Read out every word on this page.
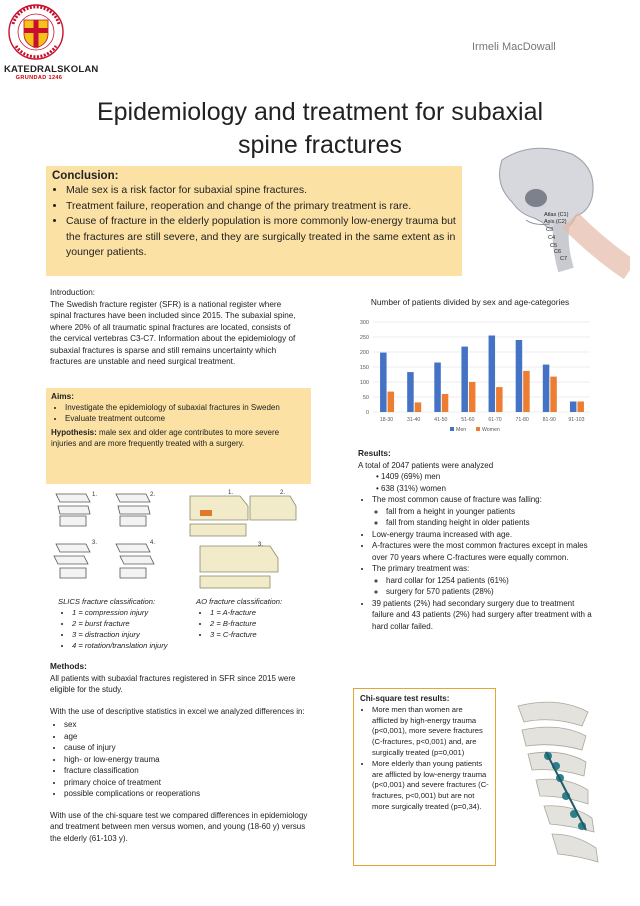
KATEDRALSKOLAN
GRUNDAD 1246
Irmeli MacDowall
Epidemiology and treatment for subaxial
spine fractures
Conclusion:
• Male sex is a risk factor for subaxial spine fractures.
• Treatment failure, reoperation and change of the primary treatment is rare.
• Cause of fracture in the elderly population is more commonly low-energy trauma but the fractures are still severe, and they are surgically treated in the same extent as in younger patients.
Atlas (C1)
Axis (C2)
C3
C4
C5
C6
C7
Introduction:
The Swedish fracture register (SFR) is a national register where spinal fractures have been included since 2015. The subaxial spine, where 20% of all traumatic spinal fractures are located, consists of the cervical vertebras C3-C7. Information about the epidemiology of subaxial fractures is sparse and still remains uncertainty which fractures are unstable and need surgical treatment.
Aims:
• Investigate the epidemiology of subaxial fractures in Sweden
• Evaluate treatment outcome

Hypothesis: male sex and older age contributes to more severe injuries and are more frequently treated with a surgery.

Number of patients divided by sex and age-categories
0
50
100
150
200
250
300
18-30	31-40	41-50	51-60	61-70	71-80	81-90 91-103
Men	Women
1.	2.
3.	4.
1.	2.
3.
SLICS fracture classification:
• 1 = compression injury
• 2 = burst fracture
• 3 = distraction injury
• 4 = rotation/translation injury
AO fracture classification:
• 1 = A-fracture
• 2 = B-fracture
• 3 = C-fracture
Methods:

All patients with subaxial fractures registered in SFR since 2015 were eligible for the study.

With the use of descriptive statistics in excel we analyzed differences in:

• sex
• age
• cause of injury
• high- or low-energy trauma
• fracture classification
• primary choice of treatment
• possible complications or reoperations

With use of the chi-square test we compared differences in epidemiology and treatment between men versus women, and young (18-60 y) versus the elderly (61-103 y).

Results:
A total of 2047 patients were analyzed
• 1409 (69%) men
• 638 (31%) women
• The most common cause of fracture was falling:
◦ fall from a height in younger patients
◦ fall from standing height in older patients
• Low-energy trauma increased with age.
• A-fractures were the most common fractures except in males over 70 years where C-fractures were equally common.
• The primary treatment was:
◦ hard collar for 1254 patients (61%)
◦ surgery for 570 patients (28%)
• 39 patients (2%) had secondary surgery due to treatment failure and 43 patients (2%) had surgery after treatment with a hard collar failed.
Chi-square test results:
• More men than women are afflicted by high-energy trauma (p<0,001), more severe fractures (C-fractures, p<0,001) and, are surgically treated (p=0,001)
• More elderly than young patients are afflicted by low-energy trauma (p<0,001) and severe fractures (C-fractures, p<0,001) but are not more surgically treated (p=0,34).
